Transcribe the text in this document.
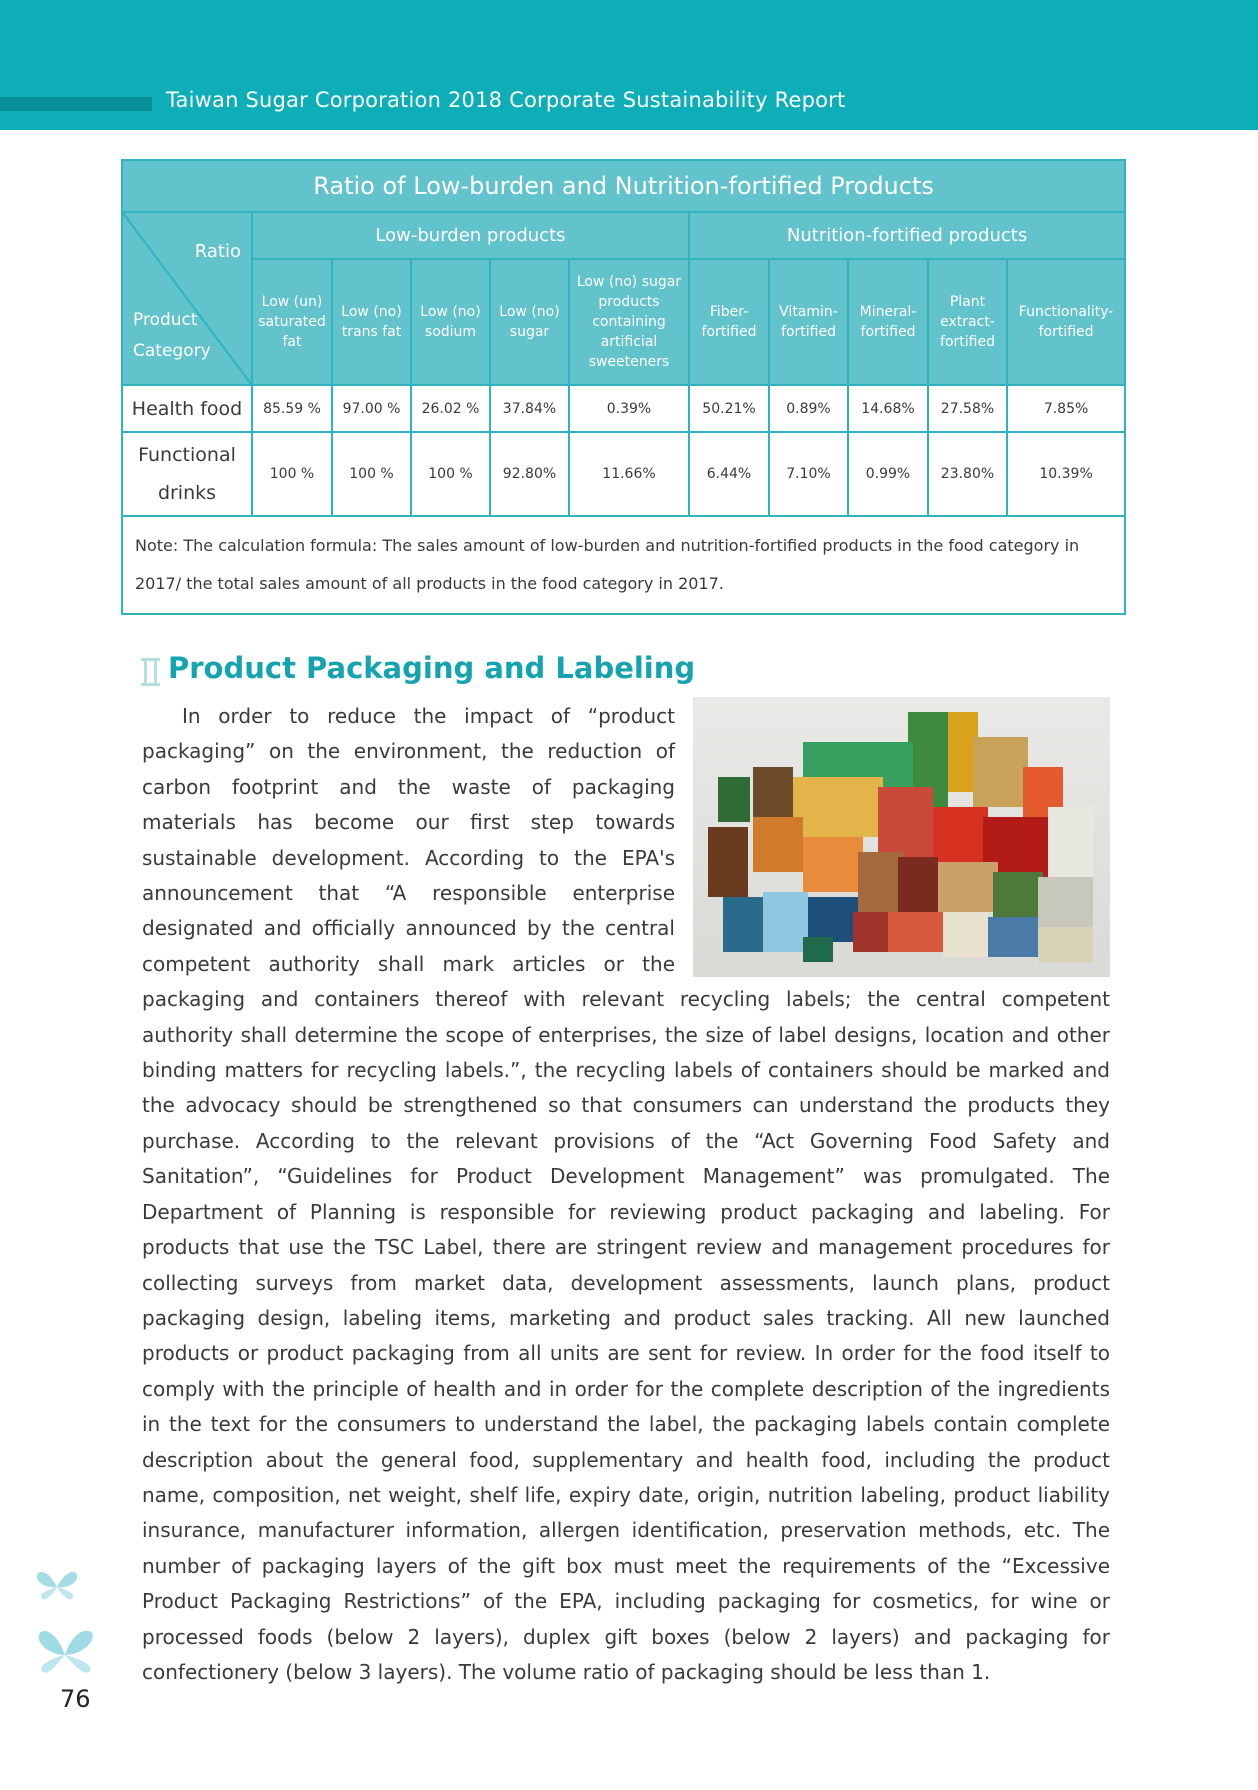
Taiwan Sugar Corporation 2018 Corporate Sustainability Report
Ratio of Low-burden and Nutrition-fortified Products										

Ratio
Product
Category	Low-burden products					Nutrition-fortified products				
	Low (un) saturated fat	Low (no) trans fat	Low (no) sodium	Low (no) sugar	Low (no) sugar products containing artificial sweeteners	Fiber-fortified	Vitamin-fortified	Mineral-fortified	Plant extract-fortified	Functionality-fortified
Health food	85.59 %	97.00 %	26.02 %	37.84%	0.39%	50.21%	0.89%	14.68%	27.58%	7.85%
Functional drinks	100 %	100 %	100 %	92.80%	11.66%	6.44%	7.10%	0.99%	23.80%	10.39%
Note: The calculation formula: The sales amount of low-burden and nutrition-fortified products in the food category in 2017/ the total sales amount of all products in the food category in 2017.										
Product Packaging and Labeling

In order to reduce the impact of “product packaging” on the environment, the reduction of carbon footprint and the waste of packaging materials has become our first step towards sustainable development. According to the EPA's announcement that “A responsible enterprise designated and officially announced by the central competent authority shall mark articles or the packaging and containers thereof with relevant recycling labels; the central competent authority shall determine the scope of enterprises, the size of label designs, location and other binding matters for recycling labels.”, the recycling labels of containers should be marked and the advocacy should be strengthened so that consumers can understand the products they purchase. According to the relevant provisions of the “Act Governing Food Safety and Sanitation”, “Guidelines for Product Development Management” was promulgated. The Department of Planning is responsible for reviewing product packaging and labeling. For products that use the TSC Label, there are stringent review and management procedures for collecting surveys from market data, development assessments, launch plans, product packaging design, labeling items, marketing and product sales tracking. All new launched products or product packaging from all units are sent for review. In order for the food itself to comply with the principle of health and in order for the complete description of the ingredients in the text for the consumers to understand the label, the packaging labels contain complete description about the general food, supplementary and health food, including the product name, composition, net weight, shelf life, expiry date, origin, nutrition labeling, product liability insurance, manufacturer information, allergen identification, preservation methods, etc. The number of packaging layers of the gift box must meet the requirements of the “Excessive Product Packaging Restrictions” of the EPA, including packaging for cosmetics, for wine or processed foods (below 2 layers), duplex gift boxes (below 2 layers) and packaging for confectionery (below 3 layers). The volume ratio of packaging should be less than 1.

76
